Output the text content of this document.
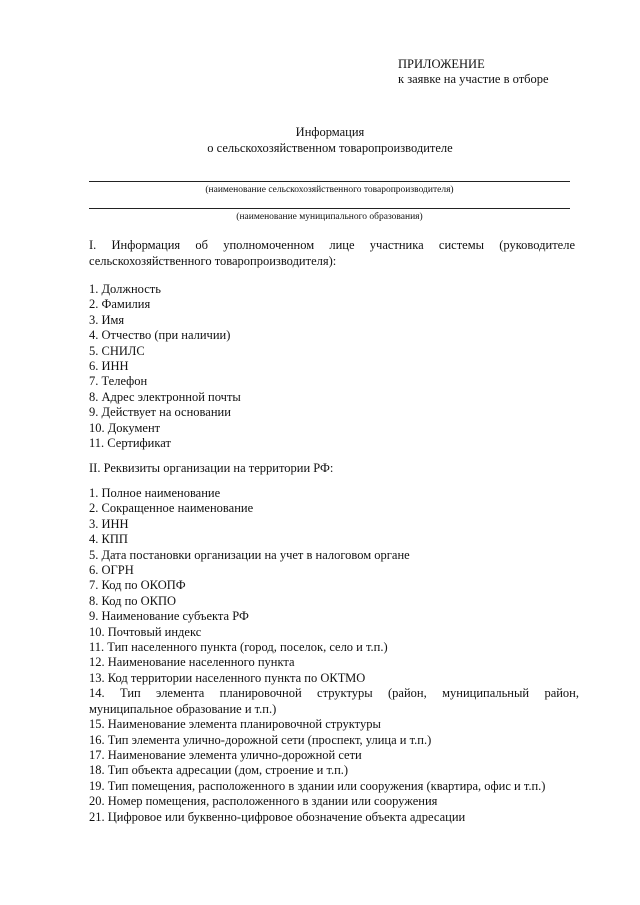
ПРИЛОЖЕНИЕ
к заявке на участие в отборе
Информация
о сельскохозяйственном товаропроизводителе
(наименование сельскохозяйственного товаропроизводителя)
(наименование муниципального образования)
I. Информация об уполномоченном лице участника системы (руководителе сельскохозяйственного товаропроизводителя):
1. Должность
2. Фамилия
3. Имя
4. Отчество (при наличии)
5. СНИЛС
6. ИНН
7. Телефон
8. Адрес электронной почты
9. Действует на основании
10. Документ
11. Сертификат
II. Реквизиты организации на территории РФ:
1. Полное наименование
2. Сокращенное наименование
3. ИНН
4. КПП
5. Дата постановки организации на учет в налоговом органе
6. ОГРН
7. Код по ОКОПФ
8. Код по ОКПО
9. Наименование субъекта РФ
10. Почтовый индекс
11. Тип населенного пункта (город, поселок, село и т.п.)
12. Наименование населенного пункта
13. Код территории населенного пункта по ОКТМО
14. Тип элемента планировочной структуры (район, муниципальный район, муниципальное образование и т.п.)
15. Наименование элемента планировочной структуры
16. Тип элемента улично-дорожной сети (проспект, улица и т.п.)
17. Наименование элемента улично-дорожной сети
18. Тип объекта адресации (дом, строение и т.п.)
19. Тип помещения, расположенного в здании или сооружения (квартира, офис и т.п.)
20. Номер помещения, расположенного в здании или сооружения
21. Цифровое или буквенно-цифровое обозначение объекта адресации
